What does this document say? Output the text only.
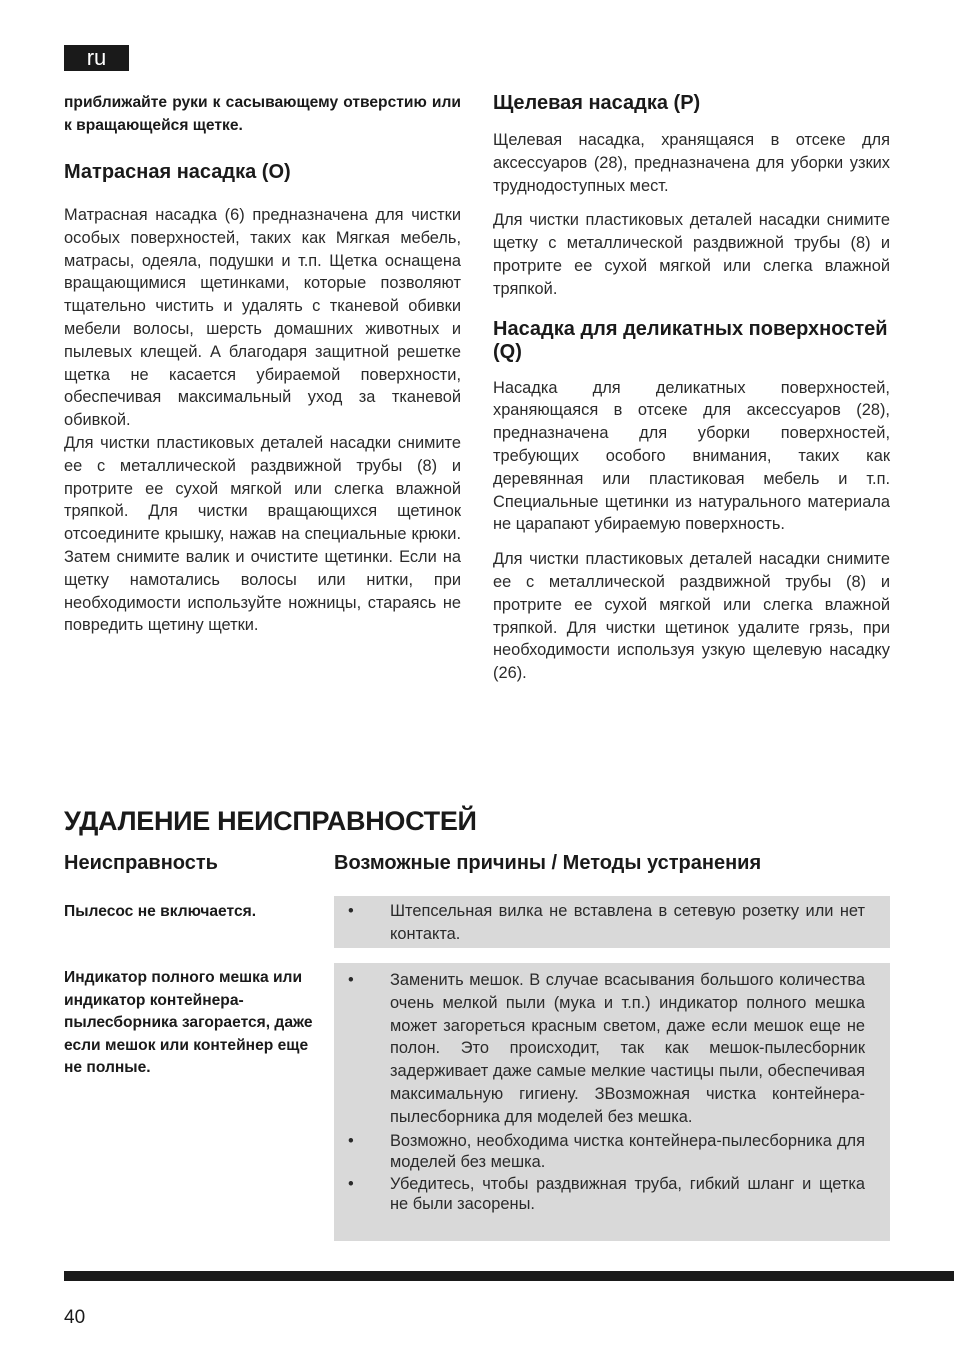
ru

приближайте руки к сасывающему отверстию или к вращающейся щетке.

Матрасная насадка (O)

Матрасная насадка (6) предназначена для чистки особых поверхностей, таких как Мягкая мебель, матрасы, одеяла, подушки и т.п. Щетка оснащена вращающимися щетинками, которые позволяют тщательно чистить и удалять с тканевой обивки мебели волосы, шерсть домашних животных и пылевых клещей. А благодаря защитной решетке щетка не касается убираемой поверхности, обеспечивая максимальный уход за тканевой обивкой.

Для чистки пластиковых деталей насадки снимите ее с металлической раздвижной трубы (8) и протрите ее сухой мягкой или слегка влажной тряпкой. Для чистки вращающихся щетинок отсоедините крышку, нажав на специальные крюки. Затем снимите валик и очистите щетинки. Если на щетку намотались волосы или нитки, при необходимости используйте ножницы, стараясь не повредить щетину щетки.

Щелевая насадка (P)

Щелевая насадка, хранящаяся в отсеке для аксессуаров (28), предназначена для уборки узких труднодоступных мест.

Для чистки пластиковых деталей насадки снимите щетку с металлической раздвижной трубы (8) и протрите ее сухой мягкой или слегка влажной тряпкой.

Насадка для деликатных поверхностей (Q)

Насадка для деликатных поверхностей, храняющаяся в отсеке для аксессуаров (28), предназначена для уборки поверхностей, требующих особого внимания, таких как деревянная или пластиковая мебель и т.п. Специальные щетинки из натурального материала не царапают убираемую поверхность.

Для чистки пластиковых деталей насадки снимите ее с металлической раздвижной трубы (8) и протрите ее сухой мягкой или слегка влажной тряпкой. Для чистки щетинок удалите грязь, при необходимости используя узкую щелевую насадку (26).

УДАЛЕНИЕ НЕИСПРАВНОСТЕЙ
Неисправность	Возможные причины / Методы устранения
Пылесос не включается.	•	Штепсельная вилка не вставлена в сетевую розетку или нет контакта.
Индикатор полного мешка или индикатор контейнера-пылесборника загорается, даже если мешок или контейнер еще не полные.
•	Заменить мешок. В случае всасывания большого количества очень мелкой пыли (мука и т.п.) индикатор полного мешка может загореться красным светом, даже если мешок еще не полон. Это происходит, так как мешок-пылесборник задерживает даже самые мелкие частицы пыли, обеспечивая максимальную гигиену. ЗВозможная чистка контейнера-пылесборника для моделей без мешка.
•	Возможно, необходима чистка контейнера-пылесборника для моделей без мешка.
•	Убедитесь, чтобы раздвижная труба, гибкий шланг и щетка не были засорены.
40
